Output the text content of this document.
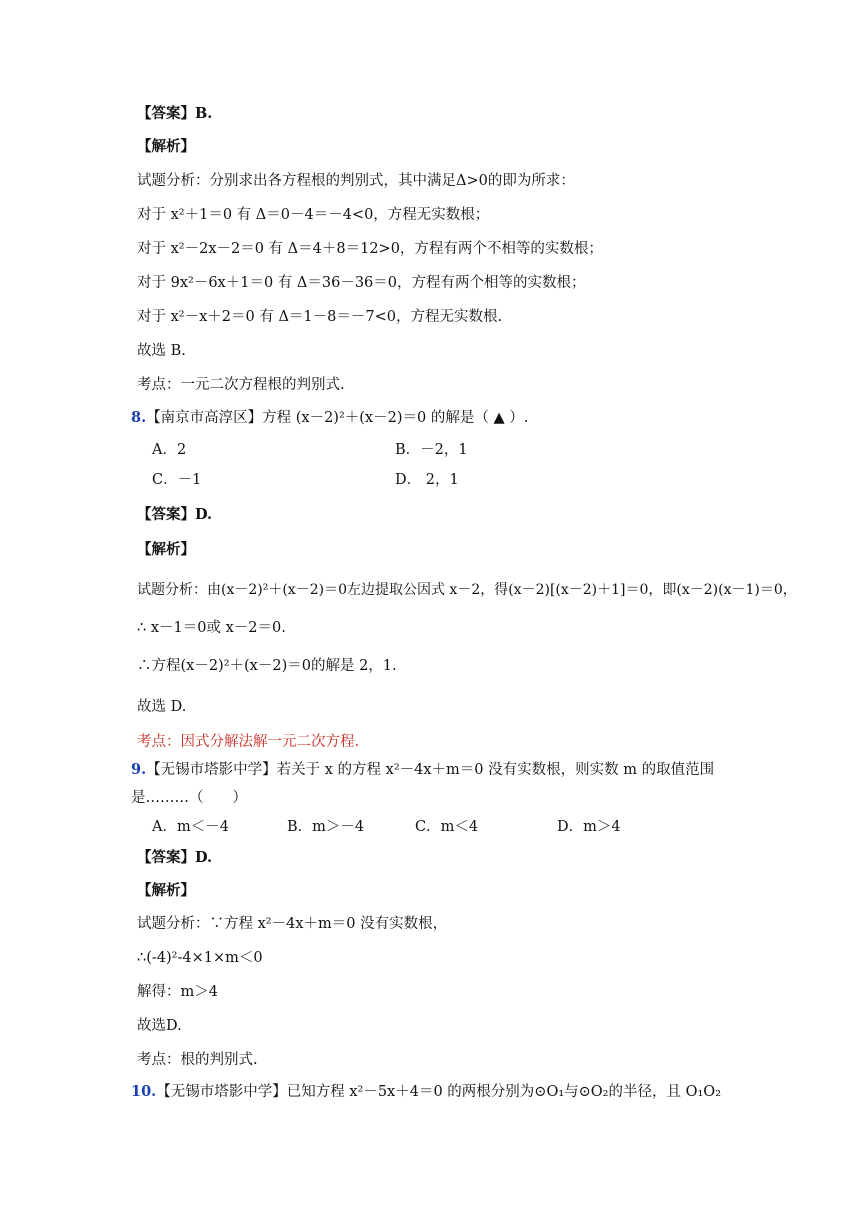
【答案】B.
【解析】
试题分析：分别求出各方程根的判别式，其中满足Δ>0的即为所求：
对于 x²＋1＝0 有 Δ＝0－4＝－4<0，方程无实数根；
对于 x²－2x－2＝0 有 Δ＝4＋8＝12>0，方程有两个不相等的实数根；
对于 9x²－6x＋1＝0 有 Δ＝36－36＝0，方程有两个相等的实数根；
对于 x²－x＋2＝0 有 Δ＝1－8＝－7<0，方程无实数根.
故选 B.
考点：一元二次方程根的判别式.
8.【南京市高淳区】方程 (x－2)²＋(x－2)＝0 的解是（ ▲ ）.
A．2	B．－2，1
C．－1	D． 2，1
【答案】D.
【解析】
试题分析：由(x－2)²＋(x－2)＝0左边提取公因式 x－2，得(x－2)[(x－2)＋1]＝0，即(x－2)(x－1)＝0，
∴ x－1＝0或 x－2＝0.
∴方程(x－2)²＋(x－2)＝0的解是 2，1.
故选 D.
考点：因式分解法解一元二次方程.
9.【无锡市塔影中学】若关于 x 的方程 x²－4x＋m＝0 没有实数根，则实数 m 的取值范围
是………（　　）
A．m＜－4	B．m＞－4	C．m＜4	D．m＞4
【答案】D.
【解析】
试题分析：∵方程 x²－4x＋m＝0 没有实数根，
∴(-4)²-4×1×m＜0
解得：m＞4
故选D.
考点：根的判别式.
10.【无锡市塔影中学】已知方程 x²－5x＋4＝0 的两根分别为⊙O₁与⊙O₂的半径，且 O₁O₂
